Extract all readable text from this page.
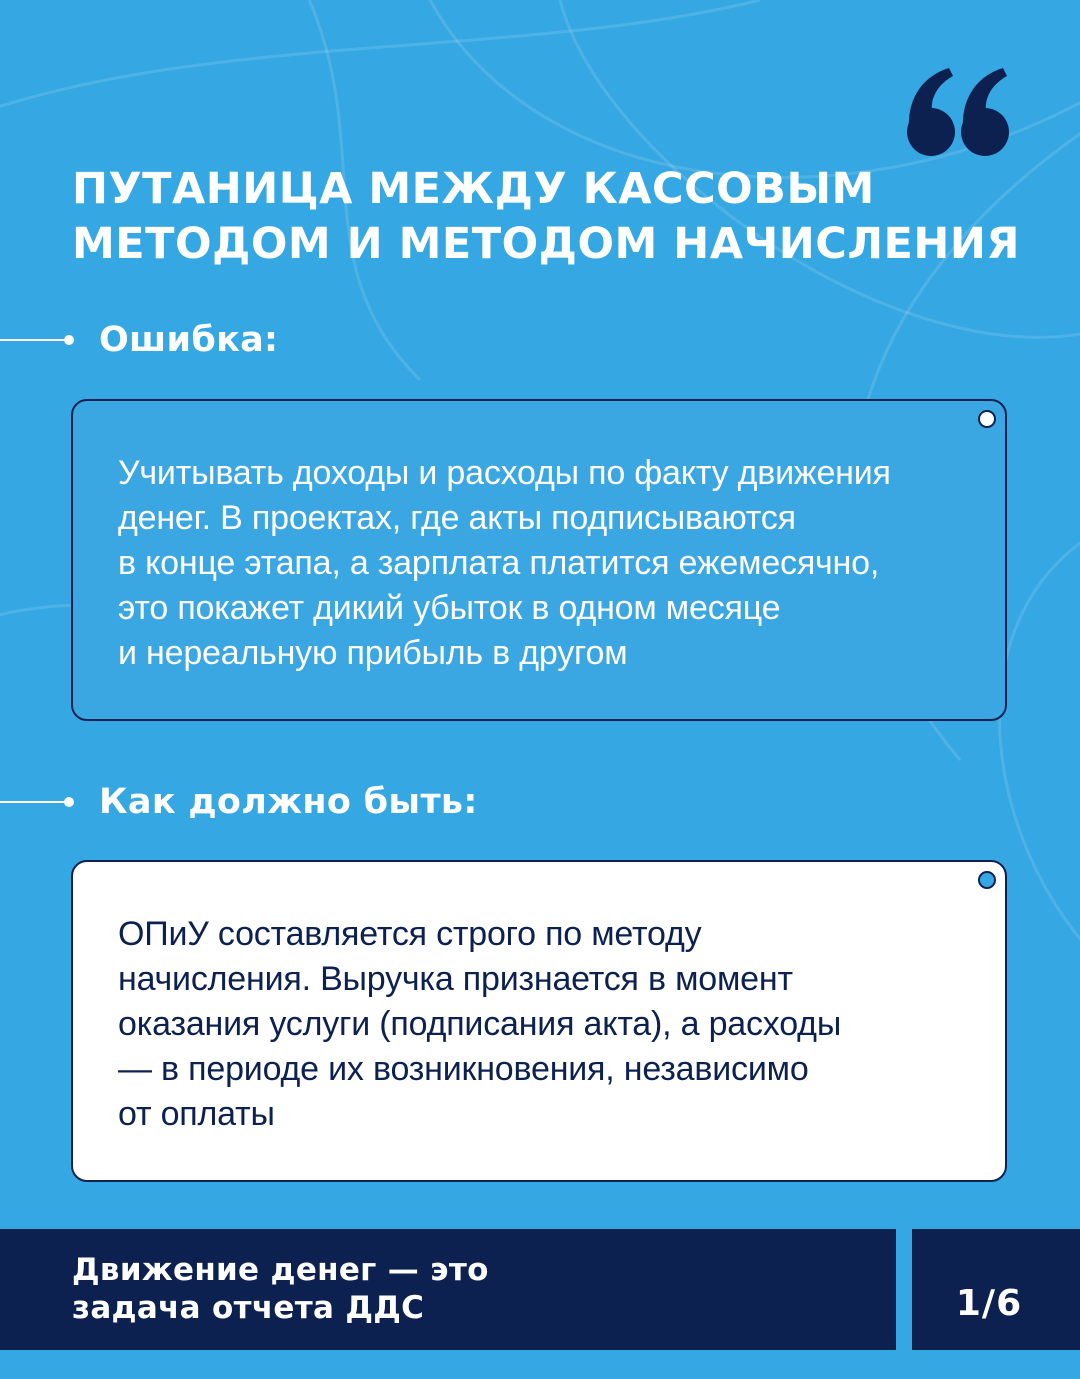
ПУТАНИЦА МЕЖДУ КАССОВЫМ
МЕТОДОМ И МЕТОДОМ НАЧИСЛЕНИЯ
Ошибка:

Учитывать доходы и расходы по факту движения
денег. В проектах, где акты подписываются
в конце этапа, а зарплата платится ежемесячно,
это покажет дикий убыток в одном месяце
и нереальную прибыль в другом

Как должно быть:

ОПиУ составляется строго по методу
начисления. Выручка признается в момент
оказания услуги (подписания акта), а расходы
— в периоде их возникновения, независимо
от оплаты

Движение денег — это
задача отчета ДДС	1/6
